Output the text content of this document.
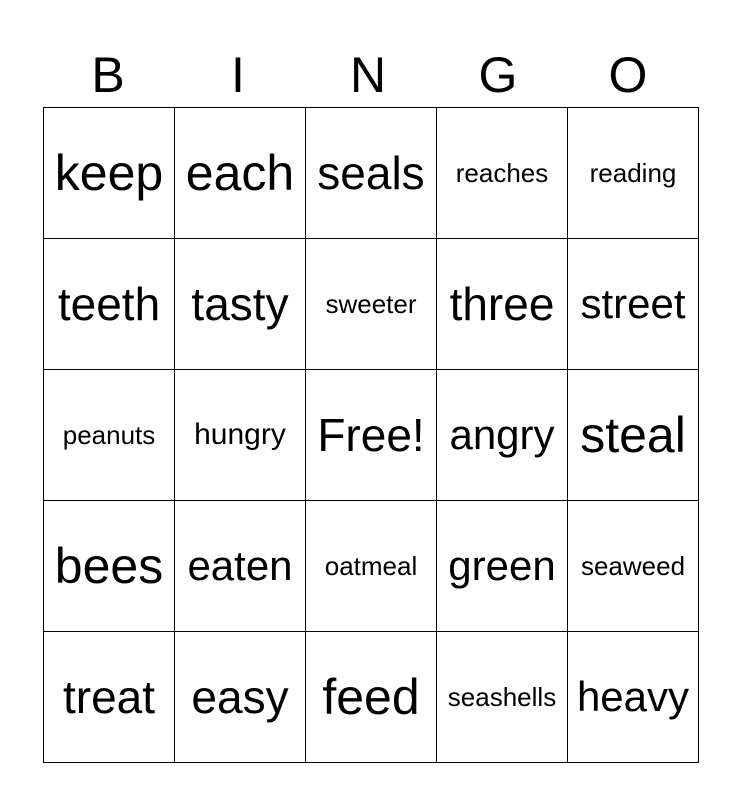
B	I	N	G	O
keep	each	seals	reaches	reading
teeth	tasty	sweeter	three	street
peanuts	hungry	Free!	angry	steal
bees	eaten	oatmeal	green	seaweed
treat	easy	feed	seashells	heavy
